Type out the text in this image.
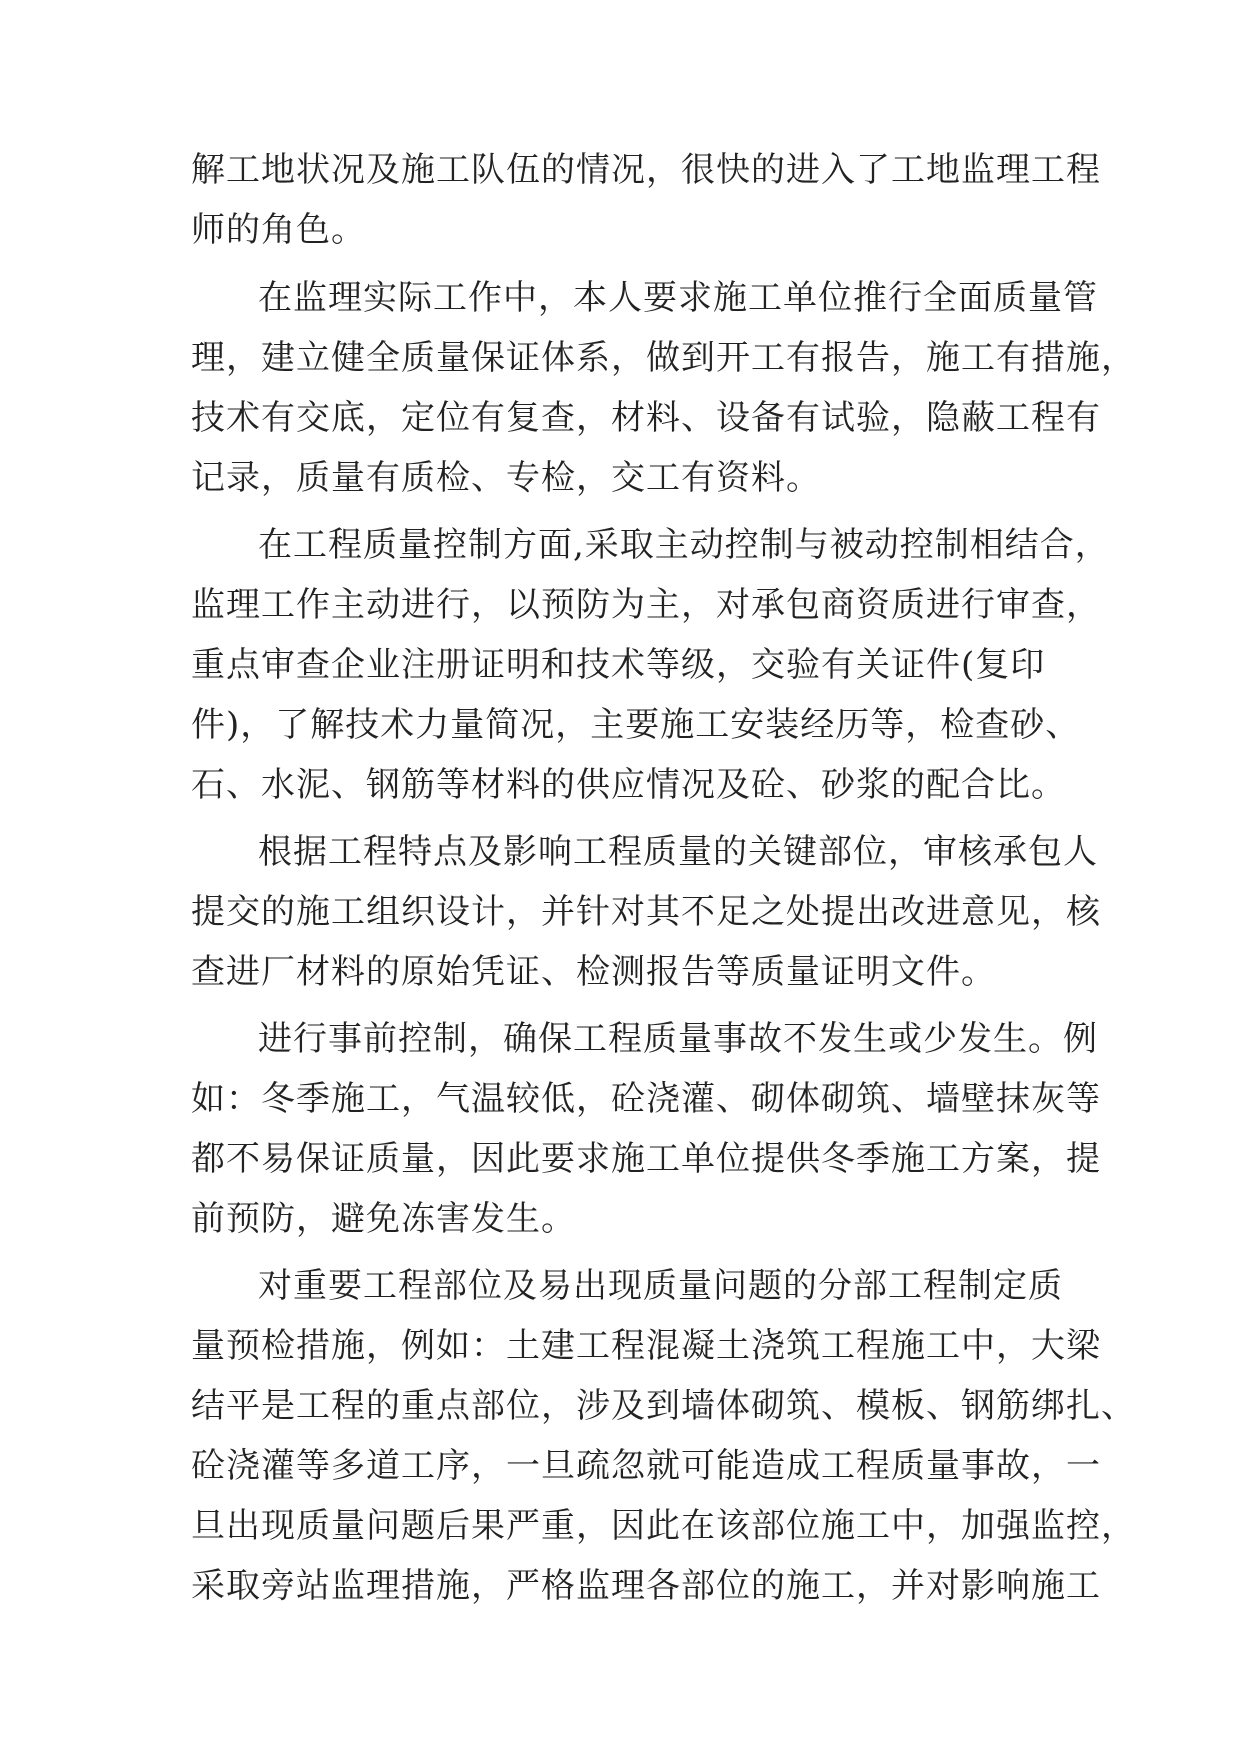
解工地状况及施工队伍的情况，很快的进入了工地监理工程
师的角色。
在监理实际工作中，本人要求施工单位推行全面质量管
理，建立健全质量保证体系，做到开工有报告，施工有措施，
技术有交底，定位有复查，材料、设备有试验，隐蔽工程有
记录，质量有质检、专检，交工有资料。
在工程质量控制方面,采取主动控制与被动控制相结合，
监理工作主动进行，以预防为主，对承包商资质进行审查，
重点审查企业注册证明和技术等级，交验有关证件(复印
件)，了解技术力量简况，主要施工安装经历等，检查砂、
石、水泥、钢筋等材料的供应情况及砼、砂浆的配合比。
根据工程特点及影响工程质量的关键部位，审核承包人
提交的施工组织设计，并针对其不足之处提出改进意见，核
查进厂材料的原始凭证、检测报告等质量证明文件。
进行事前控制，确保工程质量事故不发生或少发生。例
如：冬季施工，气温较低，砼浇灌、砌体砌筑、墙壁抹灰等
都不易保证质量，因此要求施工单位提供冬季施工方案，提
前预防，避免冻害发生。
对重要工程部位及易出现质量问题的分部工程制定质
量预检措施，例如：土建工程混凝土浇筑工程施工中，大梁
结平是工程的重点部位，涉及到墙体砌筑、模板、钢筋绑扎、
砼浇灌等多道工序，一旦疏忽就可能造成工程质量事故，一
旦出现质量问题后果严重，因此在该部位施工中，加强监控，
采取旁站监理措施，严格监理各部位的施工，并对影响施工
